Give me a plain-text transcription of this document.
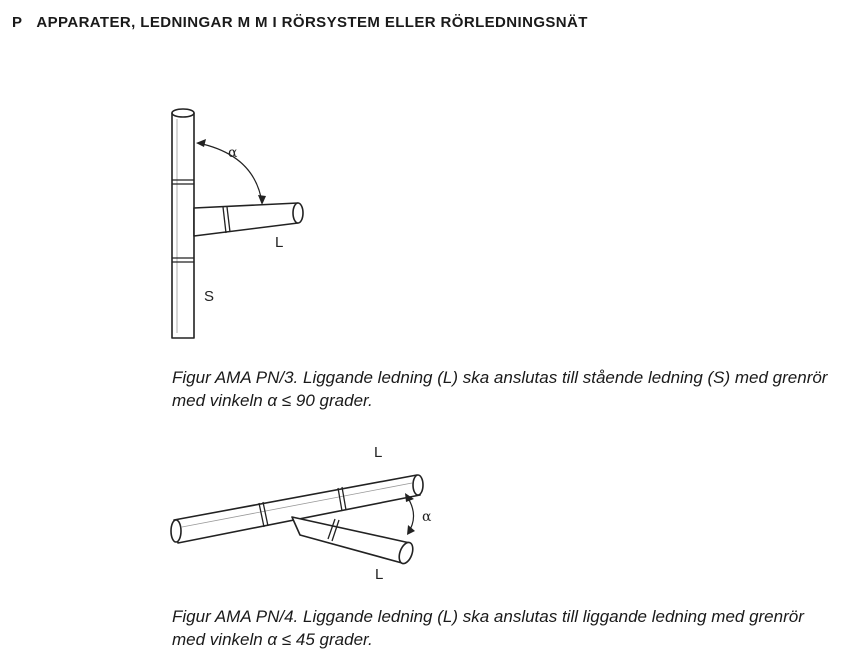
P APPARATER, LEDNINGAR M M I RÖRSYSTEM ELLER RÖRLEDNINGSNÄT
α
L
S
Figur AMA PN/3. Liggande ledning (L) ska anslutas till stående ledning (S) med grenrör med vinkeln α ≤ 90 grader.
α
L
L
Figur AMA PN/4. Liggande ledning (L) ska anslutas till liggande ledning med grenrör med vinkeln α ≤ 45 grader.
